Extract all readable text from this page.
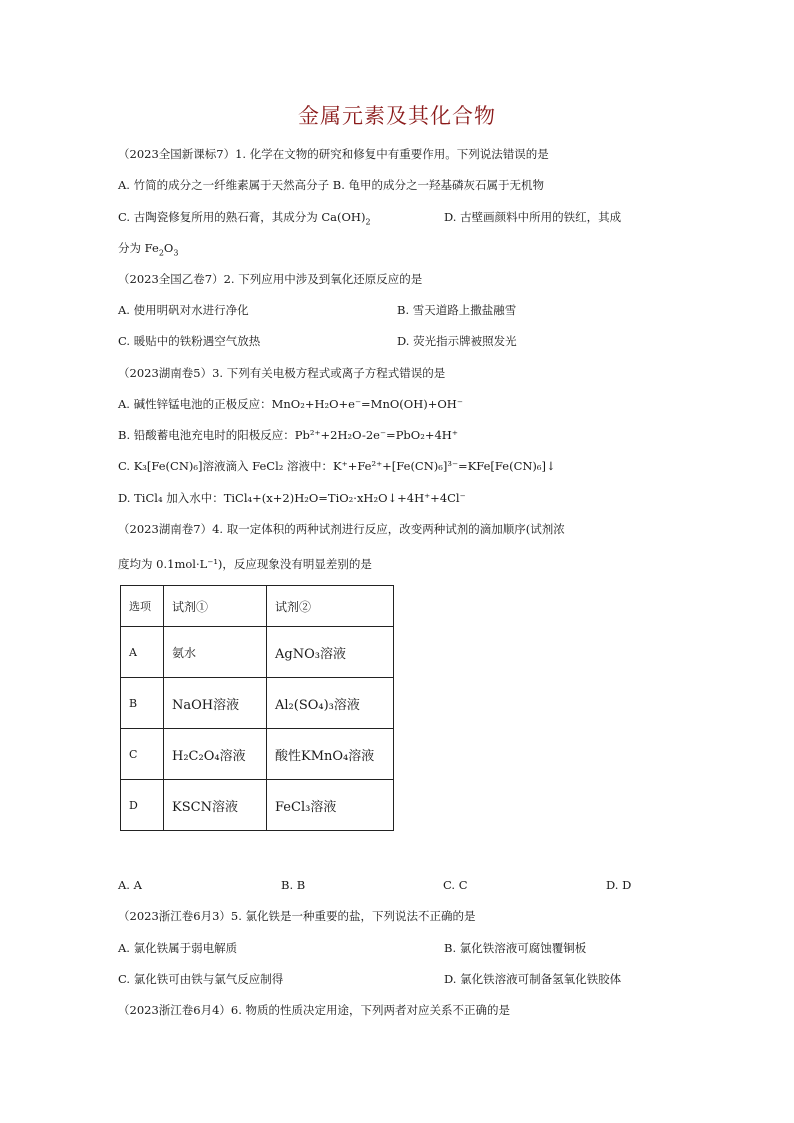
金属元素及其化合物
（2023全国新课标7）1. 化学在文物的研究和修复中有重要作用。下列说法错误的是
A. 竹简的成分之一纤维素属于天然高分子 B. 龟甲的成分之一羟基磷灰石属于无机物
C. 古陶瓷修复所用的熟石膏，其成分为 $Ca(OH)_2$	D. 古壁画颜料中所用的铁红，其成
分为 $Fe_2O_3$
（2023全国乙卷7）2. 下列应用中涉及到氧化还原反应的是
A. 使用明矾对水进行净化	B. 雪天道路上撒盐融雪
C. 暖贴中的铁粉遇空气放热	D. 荧光指示牌被照发光
（2023湖南卷5）3. 下列有关电极方程式或离子方程式错误的是
A. 碱性锌锰电池的正极反应：MnO₂+H₂O+e⁻=MnO(OH)+OH⁻
B. 铅酸蓄电池充电时的阳极反应：Pb²⁺+2H₂O-2e⁻=PbO₂+4H⁺
C. K₃[Fe(CN)₆]溶液滴入 FeCl₂ 溶液中：K⁺+Fe²⁺+[Fe(CN)₆]³⁻=KFe[Fe(CN)₆]↓
D. TiCl₄ 加入水中：TiCl₄+(x+2)H₂O=TiO₂·xH₂O↓+4H⁺+4Cl⁻
（2023湖南卷7）4. 取一定体积的两种试剂进行反应，改变两种试剂的滴加顺序(试剂浓
度均为 0.1mol·L⁻¹)，反应现象没有明显差别的是
选项	试剂①	试剂②
A	氨水	AgNO₃溶液
B	NaOH溶液	Al₂(SO₄)₃溶液
C	H₂C₂O₄溶液	酸性KMnO₄溶液
D	KSCN溶液	FeCl₃溶液
A. A	B. B	C. C	D. D
（2023浙江卷6月3）5. 氯化铁是一种重要的盐，下列说法不正确的是
A. 氯化铁属于弱电解质	B. 氯化铁溶液可腐蚀覆铜板
C. 氯化铁可由铁与氯气反应制得	D. 氯化铁溶液可制备氢氧化铁胶体
（2023浙江卷6月4）6. 物质的性质决定用途，下列两者对应关系不正确的是
